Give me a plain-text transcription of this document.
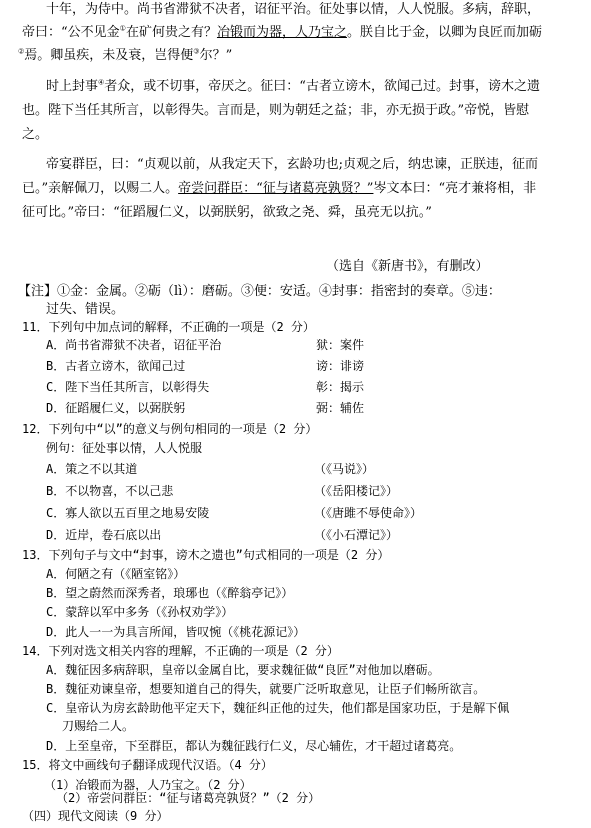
十年，为侍中。尚书省滞狱不决者，诏征平治。征处事以情，人人悦服。多病，辞职，
帝曰：“公不见金①在矿何贵之有？冶锻而为器，人乃宝之。朕自比于金，以卿为良匠而加砺
②焉。卿虽疾，未及衰，岂得便③尔？”
时上封事④者众，或不切事，帝厌之。征曰：“古者立谤木，欲闻己过。封事，谤木之遗
也。陛下当任其所言，以彰得失。言而是，则为朝廷之益；非，亦无损于政。”帝悦，皆慰
之。
帝宴群臣，曰：“贞观以前，从我定天下，玄龄功也;贞观之后，纳忠谏，正朕违，征而
已。”亲解佩刀，以赐二人。帝尝问群臣：“征与诸葛亮孰贤？”岑文本曰：“亮才兼将相，非
征可比。”帝曰：“征蹈履仁义，以弼朕躬，欲致之尧、舜，虽亮无以抗。”
（选自《新唐书》，有删改）
【注】①金：金属。②砺（lì）：磨砺。③便：安适。④封事：指密封的奏章。⑤违：
过失、错误。
11．下列句中加点词的解释，不正确的一项是（2 分）
A．尚书省滞狱不决者，诏征平治	狱：案件
B．古者立谤木，欲闻己过	谤：诽谤
C．陛下当任其所言，以彰得失	彰：揭示
D．征蹈履仁义，以弼朕躬	弼：辅佐
12．下列句中“以”的意义与例句相同的一项是（2 分）
例句：征处事以情，人人悦服
A．策之不以其道	（《马说》）
B．不以物喜，不以己悲	（《岳阳楼记》）
C．寡人欲以五百里之地易安陵	（《唐雎不辱使命》）
D．近岸，卷石底以出	（《小石潭记》）
13．下列句子与文中“封事，谤木之遗也”句式相同的一项是（2 分）
A．何陋之有（《陋室铭》）
B．望之蔚然而深秀者，琅琊也（《醉翁亭记》）
C．蒙辞以军中多务（《孙权劝学》）
D．此人一一为具言所闻，皆叹惋（《桃花源记》）
14．下列对选文相关内容的理解，不正确的一项是（2 分）
A．魏征因多病辞职，皇帝以金属自比，要求魏征做“良匠”对他加以磨砺。
B．魏征劝谏皇帝，想要知道自己的得失，就要广泛听取意见，让臣子们畅所欲言。
C．皇帝认为房玄龄助他平定天下，魏征纠正他的过失，他们都是国家功臣，于是解下佩
刀赐给二人。
D．上至皇帝，下至群臣，都认为魏征践行仁义，尽心辅佐，才干超过诸葛亮。
15．将文中画线句子翻译成现代汉语。（4 分）
（1）冶锻而为器，人乃宝之。（2 分）
（2）帝尝问群臣：“征与诸葛亮孰贤？”（2 分）
（四）现代文阅读（9 分）
